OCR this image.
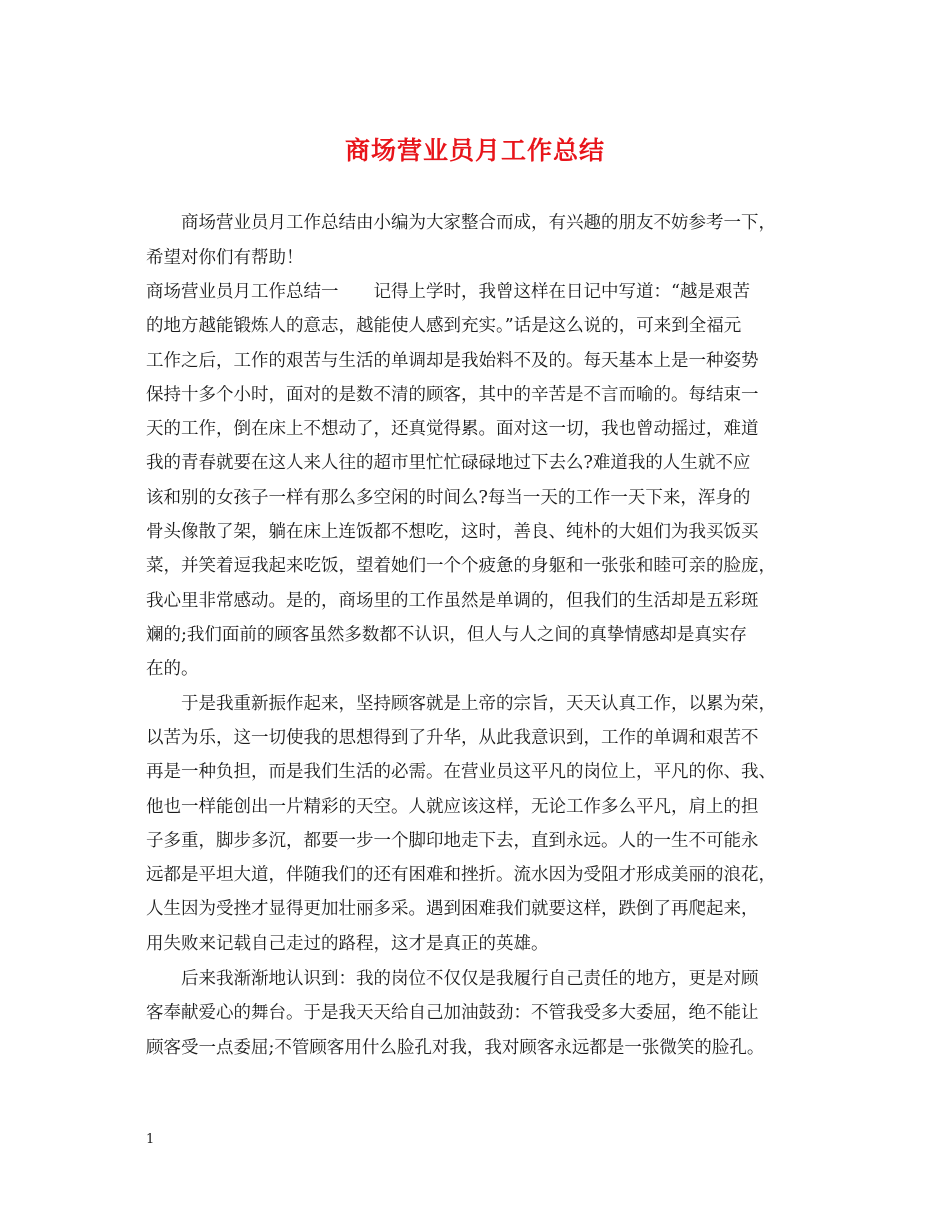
商场营业员月工作总结
　　商场营业员月工作总结由小编为大家整合而成，有兴趣的朋友不妨参考一下，
希望对你们有帮助！
商场营业员月工作总结一　　记得上学时，我曾这样在日记中写道：“越是艰苦
的地方越能锻炼人的意志，越能使人感到充实。”话是这么说的，可来到全福元
工作之后，工作的艰苦与生活的单调却是我始料不及的。每天基本上是一种姿势
保持十多个小时，面对的是数不清的顾客，其中的辛苦是不言而喻的。每结束一
天的工作，倒在床上不想动了，还真觉得累。面对这一切，我也曾动摇过，难道
我的青春就要在这人来人往的超市里忙忙碌碌地过下去么?难道我的人生就不应
该和别的女孩子一样有那么多空闲的时间么?每当一天的工作一天下来，浑身的
骨头像散了架，躺在床上连饭都不想吃，这时，善良、纯朴的大姐们为我买饭买
菜，并笑着逗我起来吃饭，望着她们一个个疲惫的身躯和一张张和睦可亲的脸庞，
我心里非常感动。是的，商场里的工作虽然是单调的，但我们的生活却是五彩斑
斓的;我们面前的顾客虽然多数都不认识，但人与人之间的真挚情感却是真实存
在的。
　　于是我重新振作起来，坚持顾客就是上帝的宗旨，天天认真工作，以累为荣，
以苦为乐，这一切使我的思想得到了升华，从此我意识到，工作的单调和艰苦不
再是一种负担，而是我们生活的必需。在营业员这平凡的岗位上，平凡的你、我、
他也一样能创出一片精彩的天空。人就应该这样，无论工作多么平凡，肩上的担
子多重，脚步多沉，都要一步一个脚印地走下去，直到永远。人的一生不可能永
远都是平坦大道，伴随我们的还有困难和挫折。流水因为受阻才形成美丽的浪花，
人生因为受挫才显得更加壮丽多采。遇到困难我们就要这样，跌倒了再爬起来，
用失败来记载自己走过的路程，这才是真正的英雄。
　　后来我渐渐地认识到：我的岗位不仅仅是我履行自己责任的地方，更是对顾
客奉献爱心的舞台。于是我天天给自己加油鼓劲：不管我受多大委屈，绝不能让
顾客受一点委屈;不管顾客用什么脸孔对我，我对顾客永远都是一张微笑的脸孔。
1
